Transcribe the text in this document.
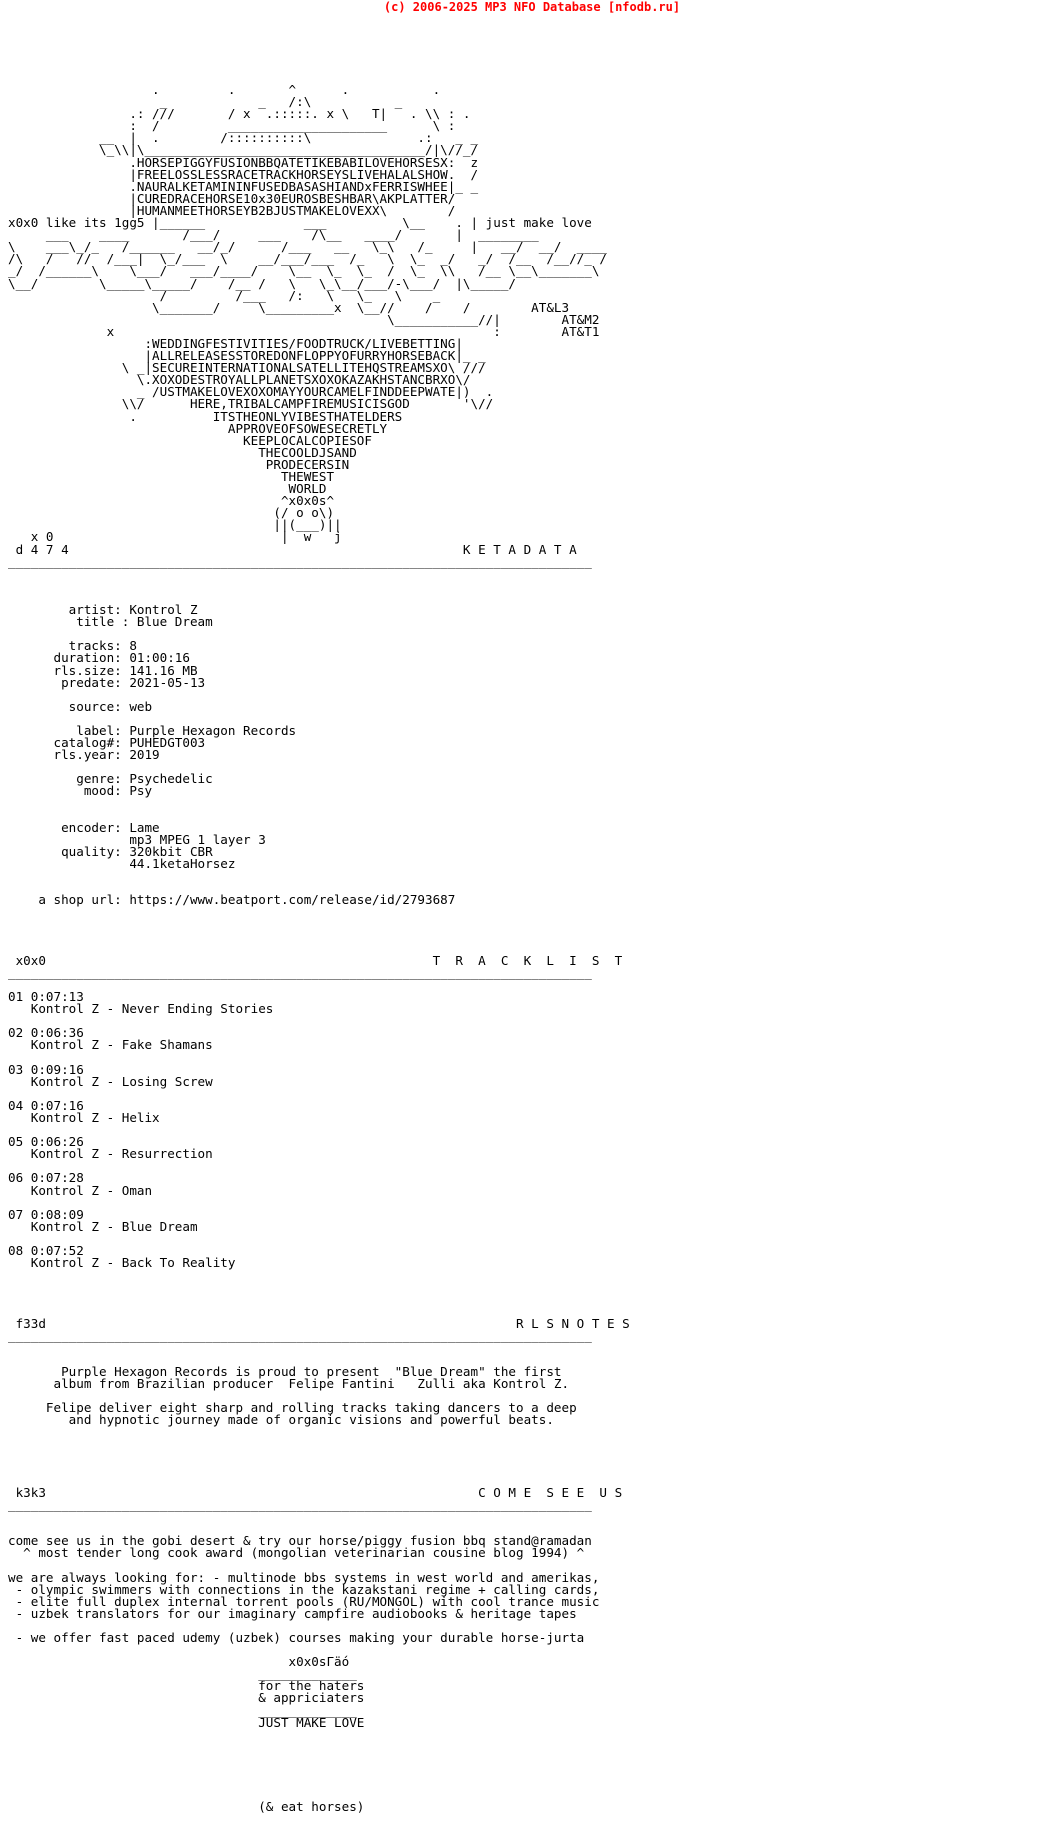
(c) 2006-2025 MP3 NFO Database [nfodb.ru]
.         .       ^      .           .
_            _   /:\           _
.: ///       / x  .:::::. x \   T|   . \\ : .
:  /         _____________________      \ :
__  |  .        /::::::::::\              .:   _ _
\_\\|\_____________________________________/|\//_/
.HORSEPIGGYFUSIONBBQATETIKEBABILOVEHORSESX:  z
|FREELOSSLESSRACETRACKHORSEYSLIVEHALALSHOW.  /
.NAURALKETAMININFUSEDBASASHIANDxFERRISWHEE|_ _
|CUREDRACEHORSE10x30EUROSBESHBAR\AKPLATTER/
|HUMANMEETHORSEYB2BJUSTMAKELOVEXX\        /
x0x0 like its 1gg5 |______             ___          \__    . | just make love
___    ____       /___/     ___    /\__   ____/       |  ________
\    ___\_/_   /______   __/_/      /___   __   \_\   /_     |   __/  __/  ____
/\   /   //  /___|  \_/___  \    __/___/___  /_   \  \_  _/   _/  /__  /__//_ /
_/  /______\    \___/   ___/____/    \__  \_  \_  /  \_  \\   /__ \__\_______\
\__/        \_____\_____/    /__ /   \   \_\__/___/-\___/  |\_____/
/         /___   /:   \   \_   \    _
\_______/     \_________x  \__//    /    /        AT&L3
\___________//|        AT&M2
x                                                  :        AT&T1
:WEDDINGFESTIVITIES/FOODTRUCK/LIVEBETTING|
|ALLRELEASESSTOREDONFLOPPYOFURRYHORSEBACK|_ _
\ _|SECUREINTERNATIONALSATELLITEHQSTREAMSXO\ ///
\.XOXODESTROYALLPLANETSXOXOKAZAKHSTANCBRXO\/
_ /USTMAKELOVEXOXOMAYYOURCAMELFINDDEEPWATE|)  .
\\/      HERE,TRIBALCAMPFIREMUSICISGOD       '\//
.          ITSTHEONLYVIBESTHATELDERS
APPROVEOFSOWESECRETLY
KEEPLOCALCOPIESOF
THECOOLDJSAND
PRODECERSIN
THEWEST
WORLD
^x0x0s^
(/ o o\)
||(___)||
x 0                              |  w   j
d 4 7 4                                                    K E T A D A T A
_____________________________________________________________________________

artist: Kontrol Z
title : Blue Dream

tracks: 8
duration: 01:00:16
rls.size: 141.16 MB
predate: 2021-05-13

source: web

label: Purple Hexagon Records
catalog#: PUHEDGT003
rls.year: 2019

genre: Psychedelic
mood: Psy

encoder: Lame
mp3 MPEG 1 layer 3
quality: 320kbit CBR
44.1ketaHorsez

a shop url: https://www.beatport.com/release/id/2793687

x0x0                                                   T  R  A  C  K  L  I  S  T
_____________________________________________________________________________

01 0:07:13
Kontrol Z - Never Ending Stories

02 0:06:36
Kontrol Z - Fake Shamans

03 0:09:16
Kontrol Z - Losing Screw

04 0:07:16
Kontrol Z - Helix

05 0:06:26
Kontrol Z - Resurrection

06 0:07:28
Kontrol Z - Oman

07 0:08:09
Kontrol Z - Blue Dream

08 0:07:52
Kontrol Z - Back To Reality

f33d                                                              R L S N O T E S
_____________________________________________________________________________

Purple Hexagon Records is proud to present  "Blue Dream" the first
album from Brazilian producer  Felipe Fantini   Zulli aka Kontrol Z.

Felipe deliver eight sharp and rolling tracks taking dancers to a deep
and hypnotic journey made of organic visions and powerful beats.

k3k3                                                         C O M E  S E E  U S
_____________________________________________________________________________

come see us in the gobi desert & try our horse/piggy fusion bbq stand@ramadan
^ most tender long cook award (mongolian veterinarian cousine blog 1994) ^

we are always looking for: - multinode bbs systems in west world and amerikas,
- olympic swimmers with connections in the kazakstani regime + calling cards,
- elite full duplex internal torrent pools (RU/MONGOL) with cool trance music
- uzbek translators for our imaginary campfire audiobooks & heritage tapes

- we offer fast paced udemy (uzbek) courses making your durable horse-jurta

x0x0sΓäó
_____________
for the haters
& appriciaters
_____________
JUST MAKE LOVE

(& eat horses)
